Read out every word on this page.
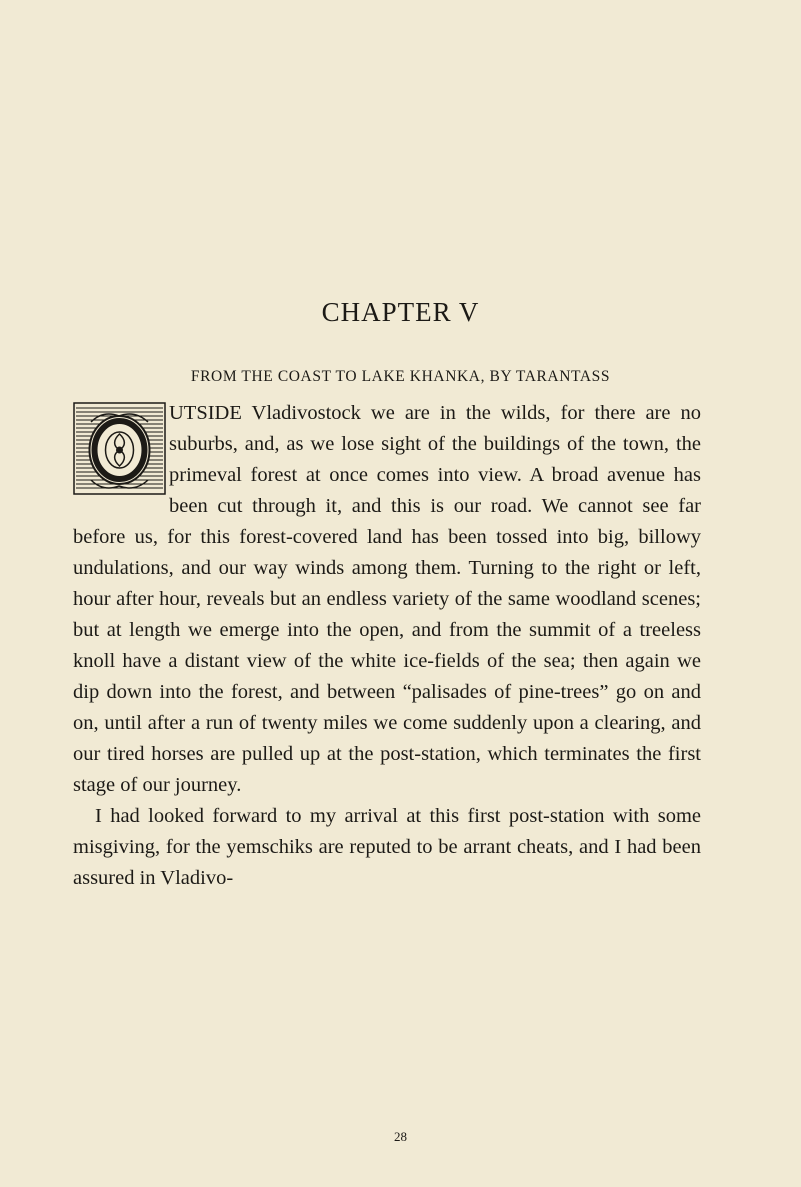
CHAPTER V
FROM THE COAST TO LAKE KHANKA, BY TARANTASS

UTSIDE Vladivostock we are in the wilds, for there are no suburbs, and, as we lose sight of the buildings of the town, the primeval forest at once comes into view. A broad avenue has been cut through it, and this is our road. We cannot see far before us, for this forest-covered land has been tossed into big, billowy undulations, and our way winds among them. Turning to the right or left, hour after hour, reveals but an endless variety of the same woodland scenes; but at length we emerge into the open, and from the summit of a treeless knoll have a distant view of the white ice-fields of the sea; then again we dip down into the forest, and between “palisades of pine-trees” go on and on, until after a run of twenty miles we come suddenly upon a clearing, and our tired horses are pulled up at the post-station, which terminates the first stage of our journey.

I had looked forward to my arrival at this first post-station with some misgiving, for the yemschiks are reputed to be arrant cheats, and I had been assured in Vladivo-

28
